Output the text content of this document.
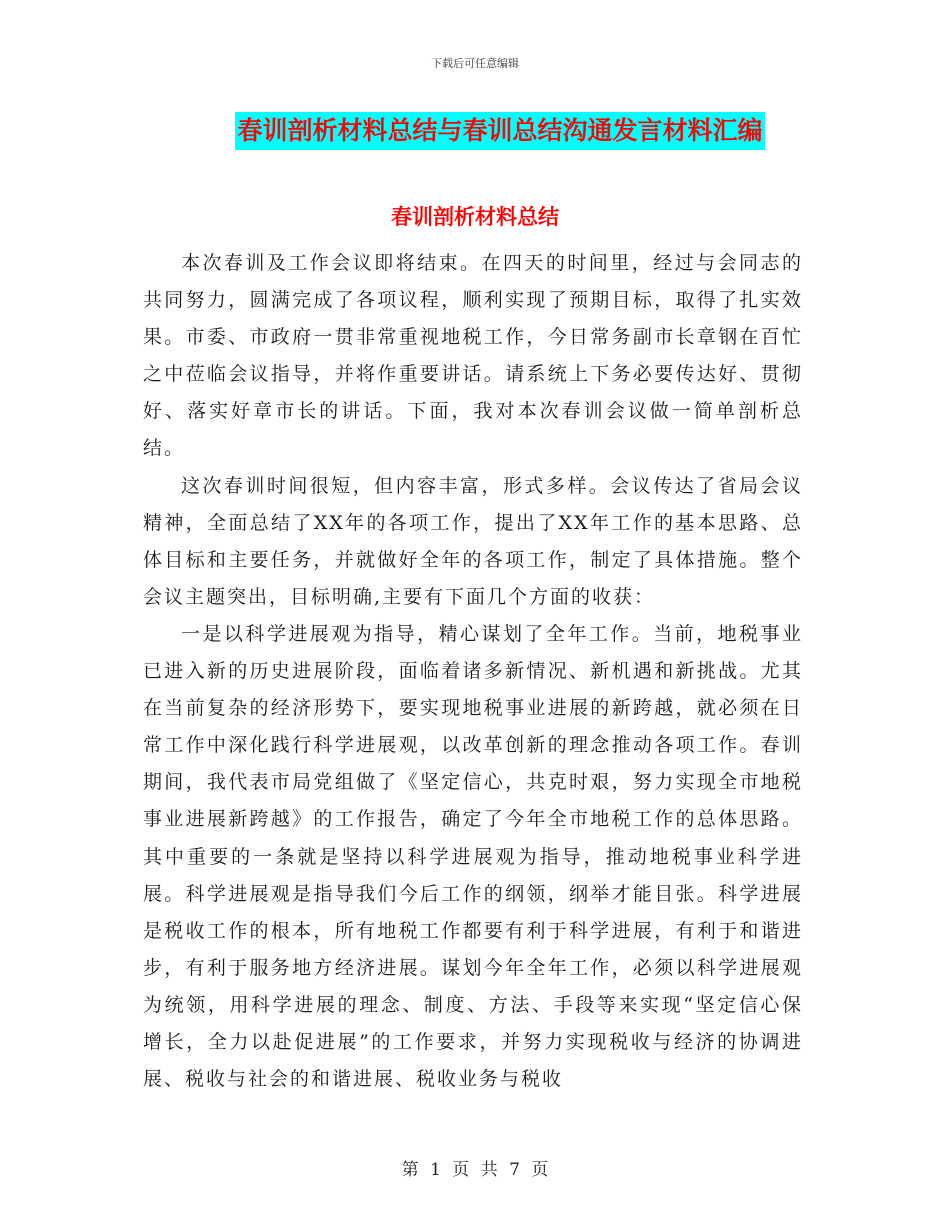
下载后可任意编辑
春训剖析材料总结与春训总结沟通发言材料汇编
春训剖析材料总结

本次春训及工作会议即将结束。在四天的时间里，经过与会同志的共同努力，圆满完成了各项议程，顺利实现了预期目标，取得了扎实效果。市委、市政府一贯非常重视地税工作，今日常务副市长章钢在百忙之中莅临会议指导，并将作重要讲话。请系统上下务必要传达好、贯彻好、落实好章市长的讲话。下面，我对本次春训会议做一简单剖析总结。

这次春训时间很短，但内容丰富，形式多样。会议传达了省局会议精神，全面总结了XX年的各项工作，提出了XX年工作的基本思路、总体目标和主要任务，并就做好全年的各项工作，制定了具体措施。整个会议主题突出，目标明确,主要有下面几个方面的收获：

一是以科学进展观为指导，精心谋划了全年工作。当前，地税事业已进入新的历史进展阶段，面临着诸多新情况、新机遇和新挑战。尤其在当前复杂的经济形势下，要实现地税事业进展的新跨越，就必须在日常工作中深化践行科学进展观，以改革创新的理念推动各项工作。春训期间，我代表市局党组做了《坚定信心，共克时艰，努力实现全市地税事业进展新跨越》的工作报告，确定了今年全市地税工作的总体思路。其中重要的一条就是坚持以科学进展观为指导，推动地税事业科学进展。科学进展观是指导我们今后工作的纲领，纲举才能目张。科学进展是税收工作的根本，所有地税工作都要有利于科学进展，有利于和谐进步，有利于服务地方经济进展。谋划今年全年工作，必须以科学进展观为统领，用科学进展的理念、制度、方法、手段等来实现“坚定信心保增长，全力以赴促进展”的工作要求，并努力实现税收与经济的协调进展、税收与社会的和谐进展、税收业务与税收

第 1 页 共 7 页
